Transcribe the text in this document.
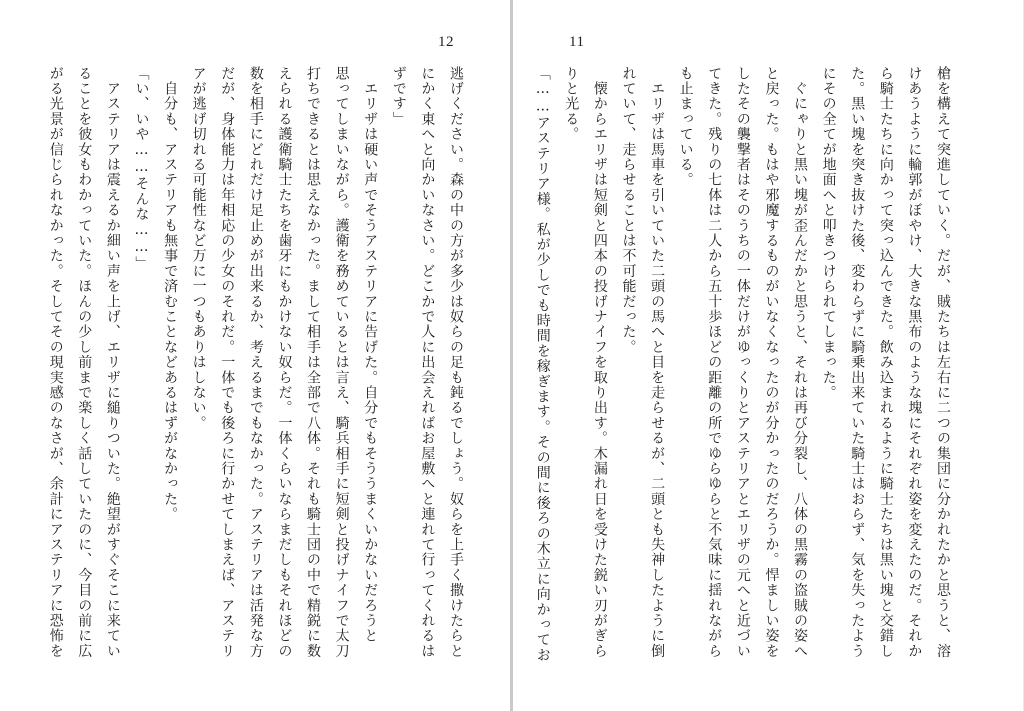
12

逃げください。森の中の方が多少は奴らの足も鈍るでしょう。奴らを上手く撒けたらと

にかく東へと向かいなさい。どこかで人に出会えればお屋敷へと連れて行ってくれるは

ずです」

　エリザは硬い声でそうアステリアに告げた。自分でもそううまくいかないだろうと

思ってしまいながら。護衛を務めているとは言え、騎兵相手に短剣と投げナイフで太刀

打ちできるとは思えなかった。まして相手は全部で八体。それも騎士団の中で精鋭に数

えられる護衛騎士たちを歯牙にもかけない奴らだ。一体くらいならまだしもそれほどの

数を相手にどれだけ足止めが出来るか、考えるまでもなかった。アステリアは活発な方

だが、身体能力は年相応の少女のそれだ。一体でも後ろに行かせてしまえば、アステリ

アが逃げ切れる可能性など万に一つもありはしない。

　自分も、アステリアも無事で済むことなどあるはずがなかった。

「い、いや……そんな……」

　アステリアは震えるか細い声を上げ、エリザに縋りついた。絶望がすぐそこに来てい

ることを彼女もわかっていた。ほんの少し前まで楽しく話していたのに、今目の前に広

がる光景が信じられなかった。そしてその現実感のなさが、余計にアステリアに恐怖を

11

槍を構えて突進していく。だが、賊たちは左右に二つの集団に分かれたかと思うと、溶

けあうように輪郭がぼやけ、大きな黒布のような塊にそれぞれ姿を変えたのだ。それか

ら騎士たちに向かって突っ込んできた。飲み込まれるように騎士たちは黒い塊と交錯し

た。黒い塊を突き抜けた後、変わらずに騎乗出来ていた騎士はおらず、気を失ったよう

にその全てが地面へと叩きつけられてしまった。

　ぐにゃりと黒い塊が歪んだかと思うと、それは再び分裂し、八体の黒霧の盗賊の姿へ

と戻った。もはや邪魔するものがいなくなったのが分かったのだろうか。悍ましい姿を

したその襲撃者はそのうちの一体だけがゆっくりとアステリアとエリザの元へと近づい

てきた。残りの七体は二人から五十歩ほどの距離の所でゆらゆらと不気味に揺れながら

も止まっている。

　エリザは馬車を引いていた二頭の馬へと目を走らせるが、二頭とも失神したように倒

れていて、走らせることは不可能だった。

　懐からエリザは短剣と四本の投げナイフを取り出す。木漏れ日を受けた鋭い刃がぎら

りと光る。

「……アステリア様。私が少しでも時間を稼ぎます。その間に後ろの木立に向かってお
